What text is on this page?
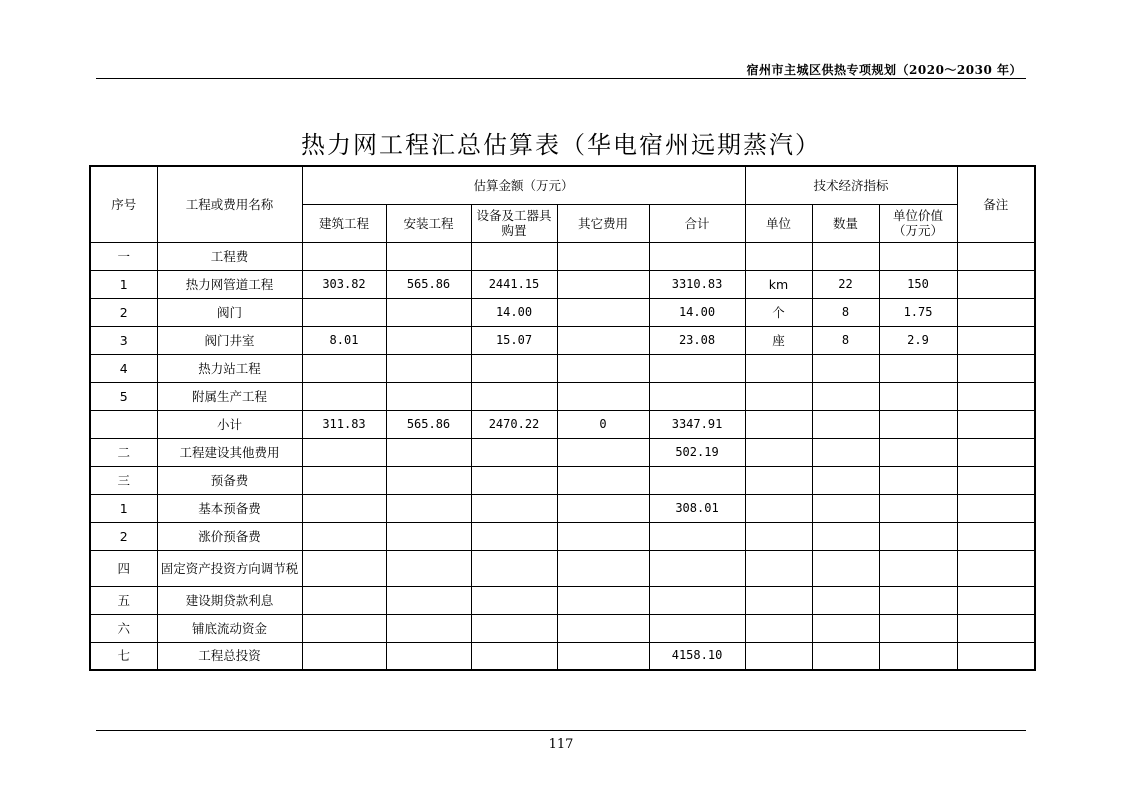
宿州市主城区供热专项规划（2020～2030 年）
热力网工程汇总估算表（华电宿州远期蒸汽）
序号	工程或费用名称	估算金额（万元）					技术经济指标			备注
		建筑工程	安装工程	设备及工器具购置	其它费用	合计	单位	数量	单位价值（万元）	
一	工程费									
1	热力网管道工程	303.82	565.86	2441.15		3310.83	km	22	150	
2	阀门			14.00		14.00	个	8	1.75	
3	阀门井室	8.01		15.07		23.08	座	8	2.9	
4	热力站工程									
5	附属生产工程									
	小计	311.83	565.86	2470.22	0	3347.91				
二	工程建设其他费用					502.19				
三	预备费									
1	基本预备费					308.01				
2	涨价预备费									
四	固定资产投资方向调节税									
五	建设期贷款利息									
六	铺底流动资金									
七	工程总投资					4158.10				
117
